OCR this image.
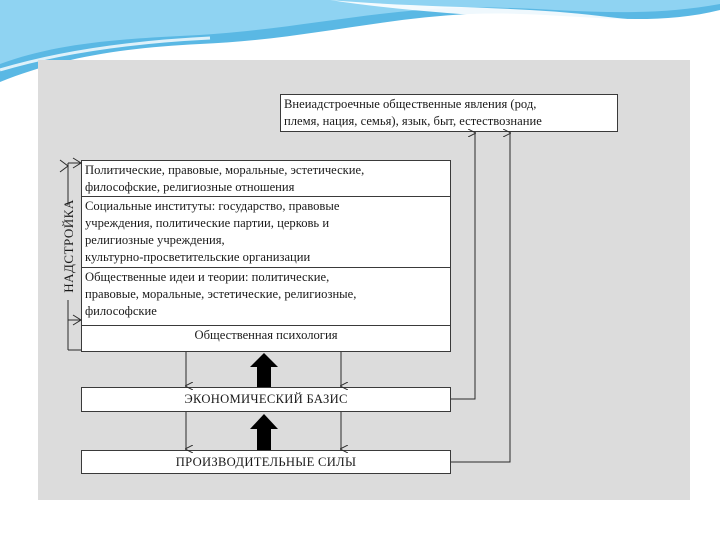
Внеиадстроечные общественные явления (род,
племя, нация, семья), язык, быт, естествознание
Политические, правовые, моральные, эстетические,
философские, религиозные отношения
Социальные институты: государство, правовые
учреждения, политические партии, церковь и
религиозные учреждения,
культурно-просветительские организации
Общественные идеи и теории: политические,
правовые, моральные, эстетические, религиозные,
философские
Общественная психология
НАДСТРОЙКА
ЭКОНОМИЧЕСКИЙ БАЗИС
ПРОИЗВОДИТЕЛЬНЫЕ СИЛЫ
